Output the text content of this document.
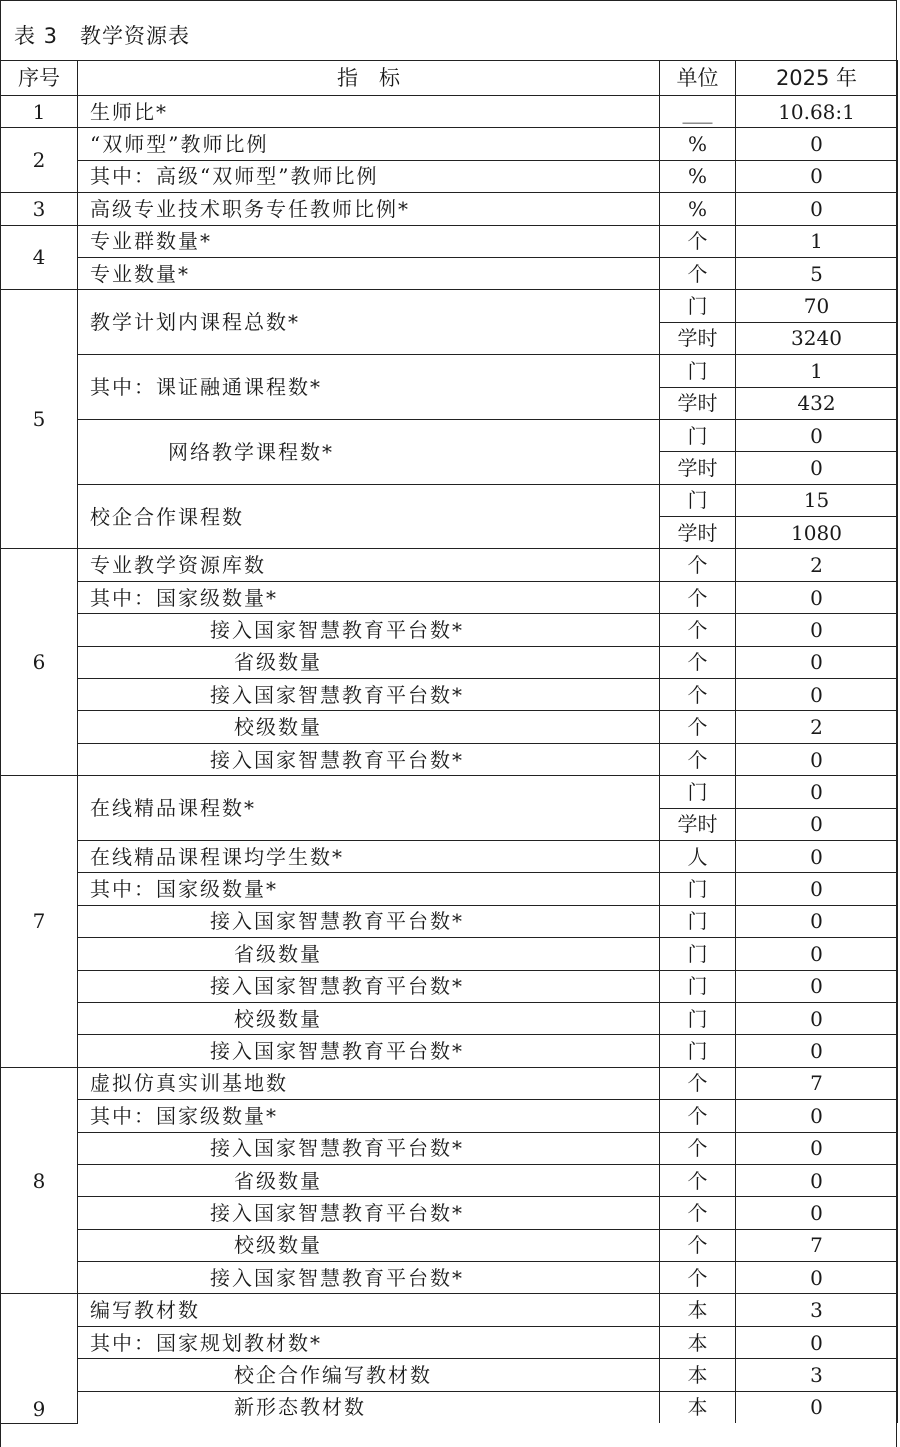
表 3　教学资源表
序号	指　标	单位	2025 年
1	生师比*	___	10.68:1
2	“双师型”教师比例	%	0
	其中：高级“双师型”教师比例	%	0
3	高级专业技术职务专任教师比例*	%	0
4	专业群数量*	个	1
	专业数量*	个	5
5	教学计划内课程总数*	门	70
		学时	3240
	其中：课证融通课程数*	门	1
		学时	432
	网络教学课程数*	门	0
		学时	0
	校企合作课程数	门	15
		学时	1080
6	专业教学资源库数	个	2
	其中：国家级数量*	个	0
	接入国家智慧教育平台数*	个	0
	省级数量	个	0
	接入国家智慧教育平台数*	个	0
	校级数量	个	2
	接入国家智慧教育平台数*	个	0
7	在线精品课程数*	门	0
		学时	0
	在线精品课程课均学生数*	人	0
	其中：国家级数量*	门	0
	接入国家智慧教育平台数*	门	0
	省级数量	门	0
	接入国家智慧教育平台数*	门	0
	校级数量	门	0
	接入国家智慧教育平台数*	门	0
8	虚拟仿真实训基地数	个	7
	其中：国家级数量*	个	0
	接入国家智慧教育平台数*	个	0
	省级数量	个	0
	接入国家智慧教育平台数*	个	0
	校级数量	个	7
	接入国家智慧教育平台数*	个	0
9	编写教材数	本	3
	其中：国家规划教材数*	本	0
	校企合作编写教材数	本	3
	新形态教材数	本	0
